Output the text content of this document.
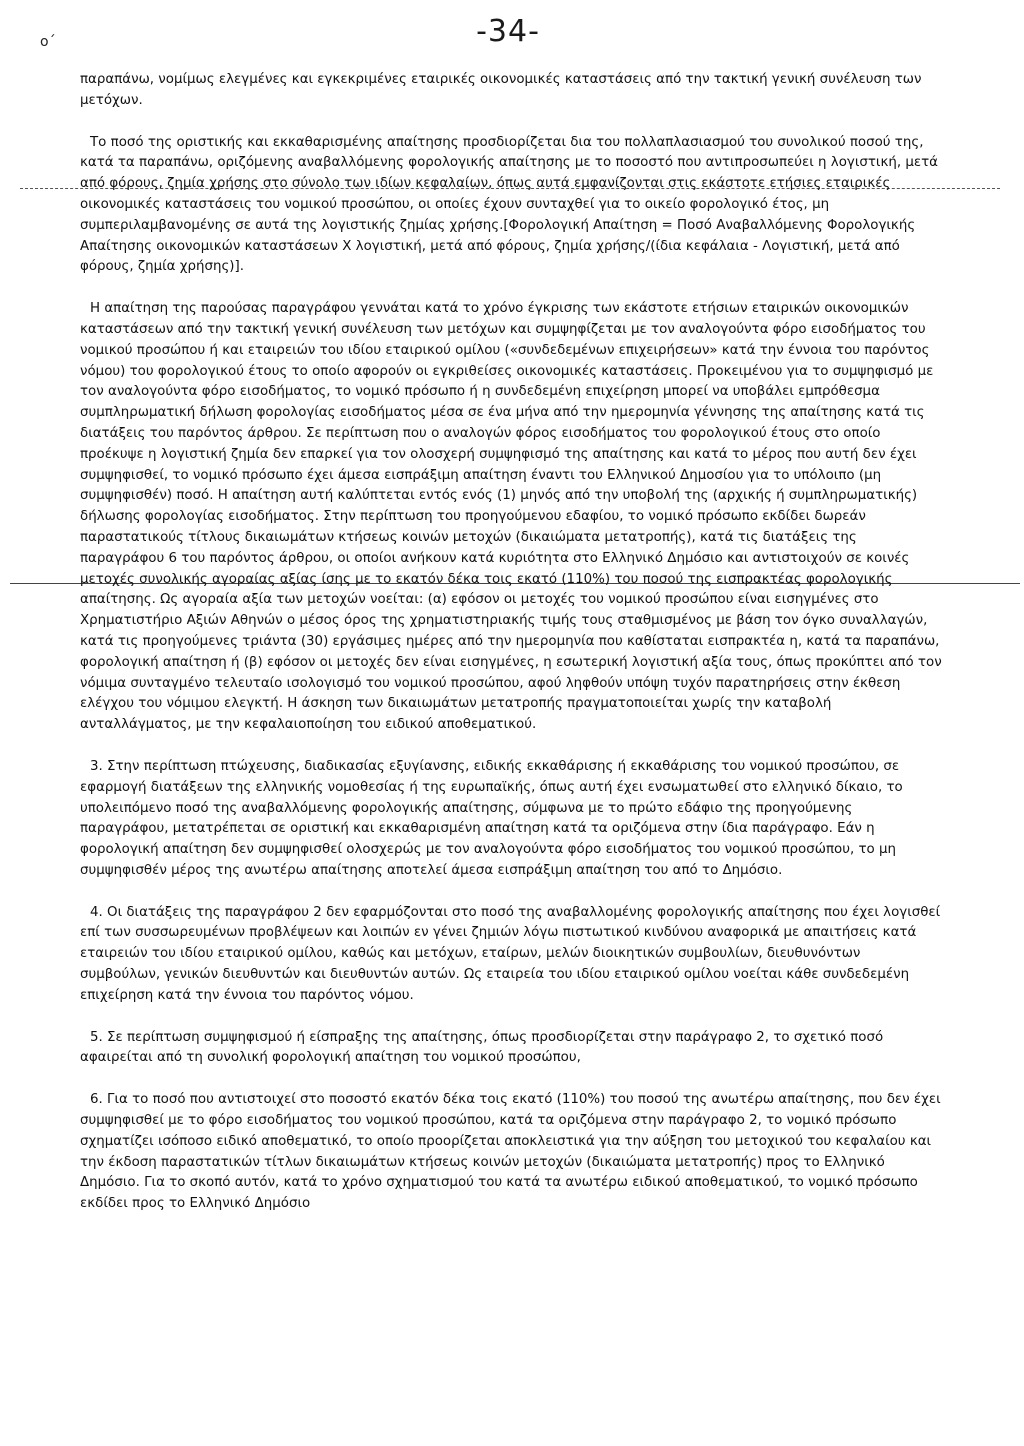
-34-
o´

παραπάνω, νομίμως ελεγμένες και εγκεκριμένες εταιρικές οικονομικές καταστάσεις από την τακτική γενική συνέλευση των μετόχων.

Το ποσό της οριστικής και εκκαθαρισμένης απαίτησης προσδιορίζεται δια του πολλαπλασιασμού του συνολικού ποσού της, κατά τα παραπάνω, οριζόμενης αναβαλλόμενης φορολογικής απαίτησης με το ποσοστό που αντιπροσωπεύει η λογιστική, μετά από φόρους, ζημία χρήσης στο σύνολο των ιδίων κεφαλαίων, όπως αυτά εμφανίζονται στις εκάστοτε ετήσιες εταιρικές οικονομικές καταστάσεις του νομικού προσώπου, οι οποίες έχουν συνταχθεί για το οικείο φορολογικό έτος, μη συμπεριλαμβανομένης σε αυτά της λογιστικής ζημίας χρήσης.[Φορολογική Απαίτηση = Ποσό Αναβαλλόμενης Φορολογικής Απαίτησης οικονομικών καταστάσεων Χ λογιστική, μετά από φόρους, ζημία χρήσης/(ίδια κεφάλαια - Λογιστική, μετά από φόρους, ζημία χρήσης)].

Η απαίτηση της παρούσας παραγράφου γεννάται κατά το χρόνο έγκρισης των εκάστοτε ετήσιων εταιρικών οικονομικών καταστάσεων από την τακτική γενική συνέλευση των μετόχων και συμψηφίζεται με τον αναλογούντα φόρο εισοδήματος του νομικού προσώπου ή και εταιρειών του ιδίου εταιρικού ομίλου («συνδεδεμένων επιχειρήσεων» κατά την έννοια του παρόντος νόμου) του φορολογικού έτους το οποίο αφορούν οι εγκριθείσες οικονομικές καταστάσεις. Προκειμένου για το συμψηφισμό με τον αναλογούντα φόρο εισοδήματος, το νομικό πρόσωπο ή η συνδεδεμένη επιχείρηση μπορεί να υποβάλει εμπρόθεσμα συμπληρωματική δήλωση φορολογίας εισοδήματος μέσα σε ένα μήνα από την ημερομηνία γέννησης της απαίτησης κατά τις διατάξεις του παρόντος άρθρου. Σε περίπτωση που ο αναλογών φόρος εισοδήματος του φορολογικού έτους στο οποίο προέκυψε η λογιστική ζημία δεν επαρκεί για τον ολοσχερή συμψηφισμό της απαίτησης και κατά το μέρος που αυτή δεν έχει συμψηφισθεί, το νομικό πρόσωπο έχει άμεσα εισπράξιμη απαίτηση έναντι του Ελληνικού Δημοσίου για το υπόλοιπο (μη συμψηφισθέν) ποσό. Η απαίτηση αυτή καλύπτεται εντός ενός (1) μηνός από την υποβολή της (αρχικής ή συμπληρωματικής) δήλωσης φορολογίας εισοδήματος. Στην περίπτωση του προηγούμενου εδαφίου, το νομικό πρόσωπο εκδίδει δωρεάν παραστατικούς τίτλους δικαιωμάτων κτήσεως κοινών μετοχών (δικαιώματα μετατροπής), κατά τις διατάξεις της παραγράφου 6 του παρόντος άρθρου, οι οποίοι ανήκουν κατά κυριότητα στο Ελληνικό Δημόσιο και αντιστοιχούν σε κοινές μετοχές συνολικής αγοραίας αξίας ίσης με το εκατόν δέκα τοις εκατό (110%) του ποσού της εισπρακτέας φορολογικής απαίτησης. Ως αγοραία αξία των μετοχών νοείται: (α) εφόσον οι μετοχές του νομικού προσώπου είναι εισηγμένες στο Χρηματιστήριο Αξιών Αθηνών ο μέσος όρος της χρηματιστηριακής τιμής τους σταθμισμένος με βάση τον όγκο συναλλαγών, κατά τις προηγούμενες τριάντα (30) εργάσιμες ημέρες από την ημερομηνία που καθίσταται εισπρακτέα η, κατά τα παραπάνω, φορολογική απαίτηση ή (β) εφόσον οι μετοχές δεν είναι εισηγμένες, η εσωτερική λογιστική αξία τους, όπως προκύπτει από τον νόμιμα συνταγμένο τελευταίο ισολογισμό του νομικού προσώπου, αφού ληφθούν υπόψη τυχόν παρατηρήσεις στην έκθεση ελέγχου του νόμιμου ελεγκτή. Η άσκηση των δικαιωμάτων μετατροπής πραγματοποιείται χωρίς την καταβολή ανταλλάγματος, με την κεφαλαιοποίηση του ειδικού αποθεματικού.

3. Στην περίπτωση πτώχευσης, διαδικασίας εξυγίανσης, ειδικής εκκαθάρισης ή εκκαθάρισης του νομικού προσώπου, σε εφαρμογή διατάξεων της ελληνικής νομοθεσίας ή της ευρωπαϊκής, όπως αυτή έχει ενσωματωθεί στο ελληνικό δίκαιο, το υπολειπόμενο ποσό της αναβαλλόμενης φορολογικής απαίτησης, σύμφωνα με το πρώτο εδάφιο της προηγούμενης παραγράφου, μετατρέπεται σε οριστική και εκκαθαρισμένη απαίτηση κατά τα οριζόμενα στην ίδια παράγραφο. Εάν η φορολογική απαίτηση δεν συμψηφισθεί ολοσχερώς με τον αναλογούντα φόρο εισοδήματος του νομικού προσώπου, το μη συμψηφισθέν μέρος της ανωτέρω απαίτησης αποτελεί άμεσα εισπράξιμη απαίτηση του από το Δημόσιο.

4. Οι διατάξεις της παραγράφου 2 δεν εφαρμόζονται στο ποσό της αναβαλλομένης φορολογικής απαίτησης που έχει λογισθεί επί των συσσωρευμένων προβλέψεων και λοιπών εν γένει ζημιών λόγω πιστωτικού κινδύνου αναφορικά με απαιτήσεις κατά εταιρειών του ιδίου εταιρικού ομίλου, καθώς και μετόχων, εταίρων, μελών διοικητικών συμβουλίων, διευθυνόντων συμβούλων, γενικών διευθυντών και διευθυντών αυτών. Ως εταιρεία του ιδίου εταιρικού ομίλου νοείται κάθε συνδεδεμένη επιχείρηση κατά την έννοια του παρόντος νόμου.

5. Σε περίπτωση συμψηφισμού ή είσπραξης της απαίτησης, όπως προσδιορίζεται στην παράγραφο 2, το σχετικό ποσό αφαιρείται από τη συνολική φορολογική απαίτηση του νομικού προσώπου,

6. Για το ποσό που αντιστοιχεί στο ποσοστό εκατόν δέκα τοις εκατό (110%) του ποσού της ανωτέρω απαίτησης, που δεν έχει συμψηφισθεί με το φόρο εισοδήματος του νομικού προσώπου, κατά τα οριζόμενα στην παράγραφο 2, το νομικό πρόσωπο σχηματίζει ισόποσο ειδικό αποθεματικό, το οποίο προορίζεται αποκλειστικά για την αύξηση του μετοχικού του κεφαλαίου και την έκδοση παραστατικών τίτλων δικαιωμάτων κτήσεως κοινών μετοχών (δικαιώματα μετατροπής) προς το Ελληνικό Δημόσιο. Για το σκοπό αυτόν, κατά το χρόνο σχηματισμού του κατά τα ανωτέρω ειδικού αποθεματικού, το νομικό πρόσωπο εκδίδει προς το Ελληνικό Δημόσιο
